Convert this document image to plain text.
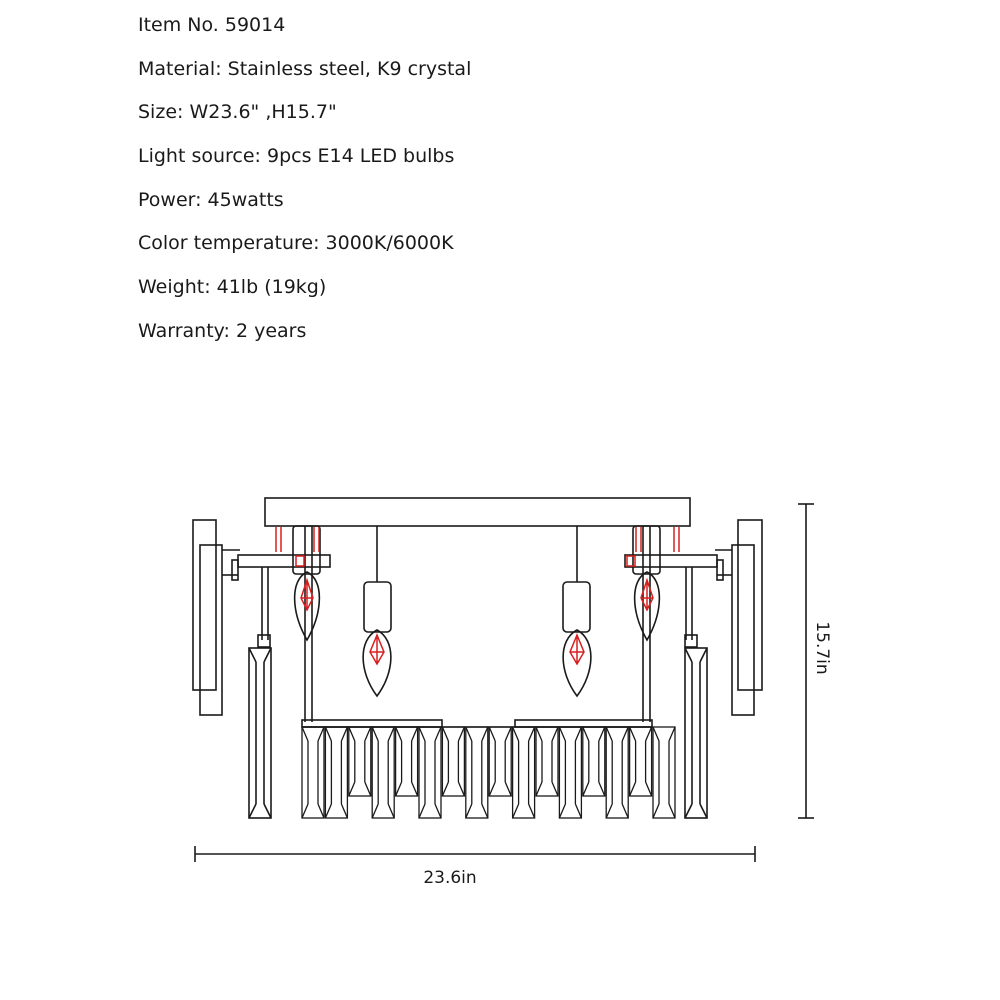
Item No. 59014
Material: Stainless steel, K9 crystal
Size: W23.6" ,H15.7"
Light source: 9pcs E14 LED bulbs
Power: 45watts
Color temperature: 3000K/6000K
Weight: 41lb (19kg)
Warranty: 2 years
23.6in
15.7in
